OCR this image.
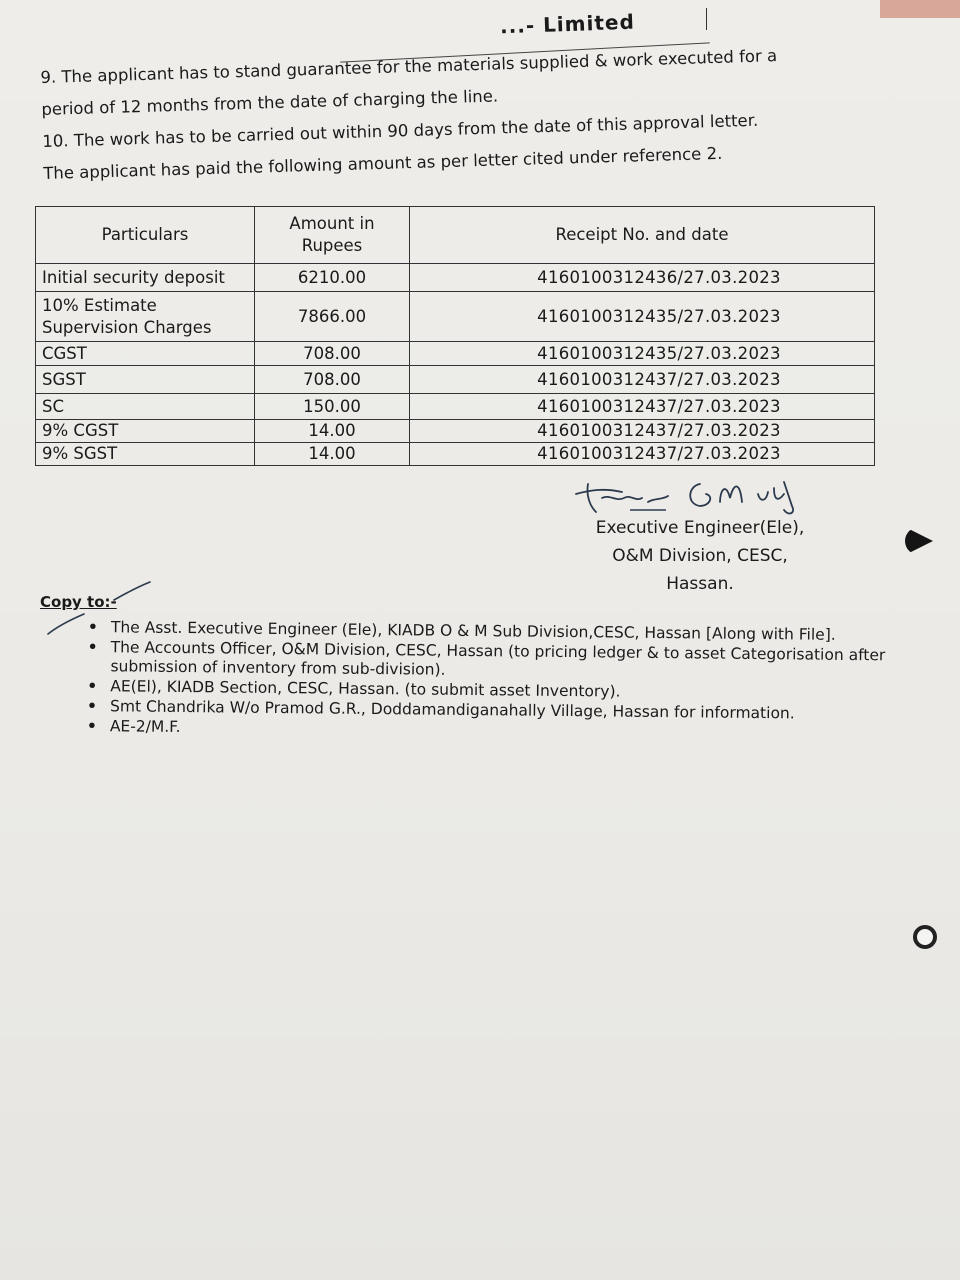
...- Limited

9. The applicant has to stand guarantee for the materials supplied & work executed for a

period of 12 months from the date of charging the line.

10. The work has to be carried out within 90 days from the date of this approval letter.

The applicant has paid the following amount as per letter cited under reference 2.

Particulars	Amount in Rupees	Receipt No. and date
Initial security deposit	6210.00	4160100312436/27.03.2023
10% Estimate Supervision Charges	7866.00	4160100312435/27.03.2023
CGST	708.00	4160100312435/27.03.2023
SGST	708.00	4160100312437/27.03.2023
SC	150.00	4160100312437/27.03.2023
9% CGST	14.00	4160100312437/27.03.2023
9% SGST	14.00	4160100312437/27.03.2023
Executive Engineer(Ele),
O&M Division, CESC,
Hassan.
Copy to:-
• The Asst. Executive Engineer (Ele), KIADB O & M Sub Division,CESC, Hassan [Along with File].
• The Accounts Officer, O&M Division, CESC, Hassan (to pricing ledger & to asset Categorisation after submission of inventory from sub-division).
• AE(El), KIADB Section, CESC, Hassan. (to submit asset Inventory).
• Smt Chandrika W/o Pramod G.R., Doddamandiganahally Village, Hassan for information.
• AE-2/M.F.
